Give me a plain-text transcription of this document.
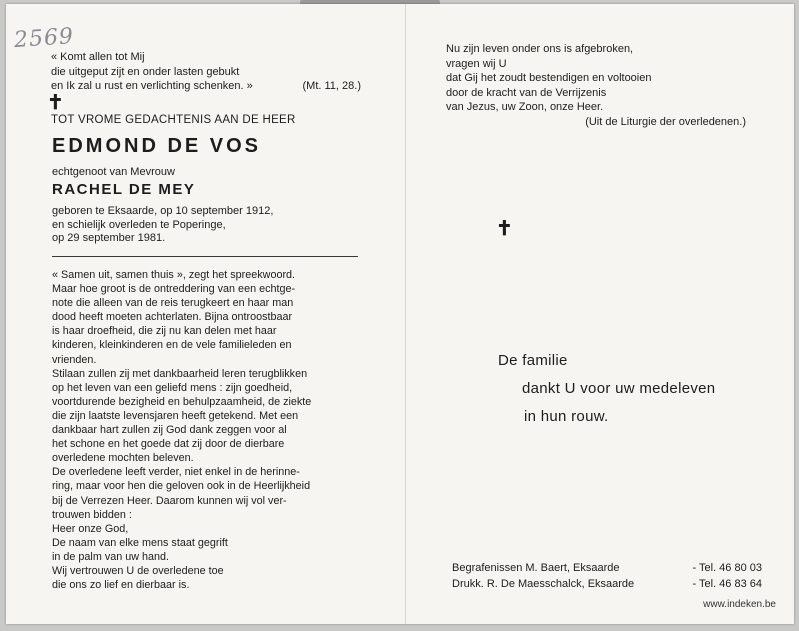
2569
« Komt allen tot Mij
die uitgeput zijt en onder lasten gebukt
en Ik zal u rust en verlichting schenken. »	(Mt. 11, 28.)
✝
TOT VROME GEDACHTENIS AAN DE HEER
EDMOND DE VOS
echtgenoot van Mevrouw
RACHEL DE MEY
geboren te Eksaarde, op 10 september 1912,
en schielijk overleden te Poperinge,
op 29 september 1981.

« Samen uit, samen thuis », zegt het spreekwoord.

Maar hoe groot is de ontreddering van een echtge-

note die alleen van de reis terugkeert en haar man

dood heeft moeten achterlaten. Bijna ontroostbaar

is haar droefheid, die zij nu kan delen met haar

kinderen, kleinkinderen en de vele familieleden en

vrienden.

Stilaan zullen zij met dankbaarheid leren terugblikken

op het leven van een geliefd mens : zijn goedheid,

voortdurende bezigheid en behulpzaamheid, de ziekte

die zijn laatste levensjaren heeft getekend. Met een

dankbaar hart zullen zij God dank zeggen voor al

het schone en het goede dat zij door de dierbare

overledene mochten beleven.

De overledene leeft verder, niet enkel in de herinne-

ring, maar voor hen die geloven ook in de Heerlijkheid

bij de Verrezen Heer. Daarom kunnen wij vol ver-

trouwen bidden :

Heer onze God,

De naam van elke mens staat gegrift

in de palm van uw hand.

Wij vertrouwen U de overledene toe

die ons zo lief en dierbaar is.

Nu zijn leven onder ons is afgebroken,
vragen wij U
dat Gij het zoudt bestendigen en voltooien
door de kracht van de Verrijzenis
van Jezus, uw Zoon, onze Heer.
(Uit de Liturgie der overledenen.)
✝
De familie
dankt U voor uw medeleven
in hun rouw.
Begrafenissen M. Baert, Eksaarde	- Tel. 46 80 03
Drukk. R. De Maesschalck, Eksaarde	- Tel. 46 83 64
www.indeken.be
